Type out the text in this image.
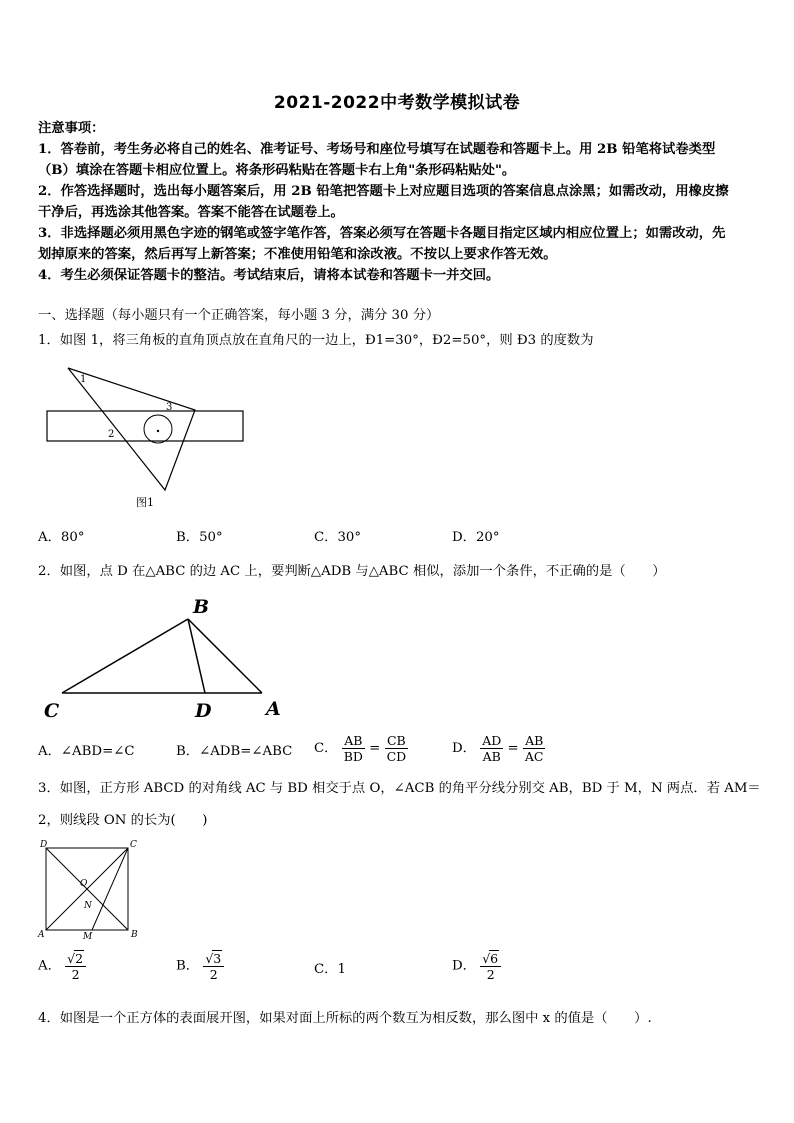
2021-2022中考数学模拟试卷
注意事项：
1．答卷前，考生务必将自己的姓名、准考证号、考场号和座位号填写在试题卷和答题卡上。用 2B 铅笔将试卷类型
（B）填涂在答题卡相应位置上。将条形码粘贴在答题卡右上角"条形码粘贴处"。
2．作答选择题时，选出每小题答案后，用 2B 铅笔把答题卡上对应题目选项的答案信息点涂黑；如需改动，用橡皮擦
干净后，再选涂其他答案。答案不能答在试题卷上。
3．非选择题必须用黑色字迹的钢笔或签字笔作答，答案必须写在答题卡各题目指定区域内相应位置上；如需改动，先
划掉原来的答案，然后再写上新答案；不准使用铅笔和涂改液。不按以上要求作答无效。
4．考生必须保证答题卡的整洁。考试结束后，请将本试卷和答题卡一并交回。
一、选择题（每小题只有一个正确答案，每小题 3 分，满分 30 分）
1．如图 1，将三角板的直角顶点放在直角尺的一边上，Ð1=30°，Ð2=50°，则 Ð3 的度数为
1
2
3
图1
A．80°	B．50°	C．30°	D．20°
2．如图，点 D 在△ABC 的边 AC 上，要判断△ADB 与△ABC 相似，添加一个条件，不正确的是（　　）
B
C	D	A
A．∠ABD=∠C	B．∠ADB=∠ABC C． $\frac{AB}{BD} = \frac{CB}{CD}$	D． $\frac{AD}{AB} = \frac{AB}{AC}$
3．如图，正方形 ABCD 的对角线 AC 与 BD 相交于点 O，∠ACB 的角平分线分别交 AB，BD 于 M，N 两点．若 AM＝
2，则线段 ON 的长为(　　)
D	C
A	B
O
N
M
A． $\frac{√2}{2}$	B． $\frac{√3}{2}$	C．1	D． $\frac{√6}{2}$
4．如图是一个正方体的表面展开图，如果对面上所标的两个数互为相反数，那么图中 x 的值是（　　）.
